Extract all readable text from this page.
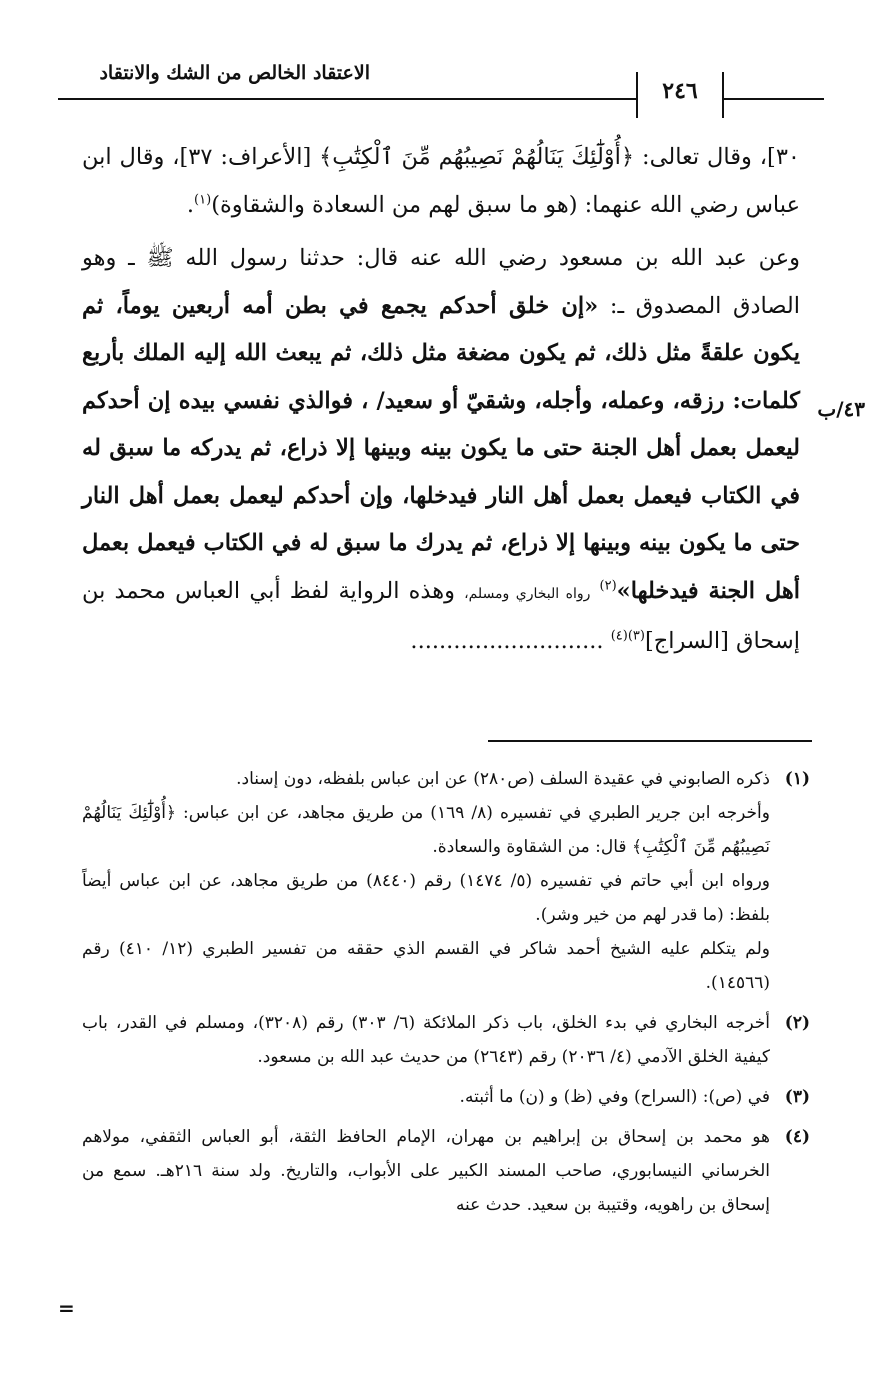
الاعتقاد الخالص من الشك والانتقاد
٢٤٦
٤٣/ب

٣٠]، وقال تعالى: ﴿أُوْلَٰٓئِكَ يَنَالُهُمْ نَصِيبُهُم مِّنَ ٱلْكِتَٰبِ﴾ [الأعراف: ٣٧]، وقال ابن عباس رضي الله عنهما: (هو ما سبق لهم من السعادة والشقاوة)$^{(١)}$.

وعن عبد الله بن مسعود رضي الله عنه قال: حدثنا رسول الله ﷺ ـ وهو الصادق المصدوق ـ: «إن خلق أحدكم يجمع في بطن أمه أربعين يوماً، ثم يكون علقةً مثل ذلك، ثم يكون مضغة مثل ذلك، ثم يبعث الله إليه الملك بأربع كلمات: رزقه، وعمله، وأجله، وشقيّ أو سعيد/ ، فوالذي نفسي بيده إن أحدكم ليعمل بعمل أهل الجنة حتى ما يكون بينه وبينها إلا ذراع، ثم يدركه ما سبق له في الكتاب فيعمل بعمل أهل النار فيدخلها، وإن أحدكم ليعمل بعمل أهل النار حتى ما يكون بينه وبينها إلا ذراع، ثم يدرك ما سبق له في الكتاب فيعمل بعمل أهل الجنة فيدخلها»$^{(٢)}$ رواه البخاري ومسلم، وهذه الرواية لفظ أبي العباس محمد بن إسحاق [السراج]$^{(٣)(٤)}$ ...........................

(١)

ذكره الصابوني في عقيدة السلف (ص٢٨٠) عن ابن عباس بلفظه، دون إسناد.

وأخرجه ابن جرير الطبري في تفسيره (٨/ ١٦٩) من طريق مجاهد، عن ابن عباس: ﴿أُوْلَٰٓئِكَ يَنَالُهُمْ نَصِيبُهُم مِّنَ ٱلْكِتَٰبِ﴾ قال: من الشقاوة والسعادة.

ورواه ابن أبي حاتم في تفسيره (٥/ ١٤٧٤) رقم (٨٤٤٠) من طريق مجاهد، عن ابن عباس أيضاً بلفظ: (ما قدر لهم من خير وشر).

ولم يتكلم عليه الشيخ أحمد شاكر في القسم الذي حققه من تفسير الطبري (١٢/ ٤١٠) رقم (١٤٥٦٦).

(٢)
أخرجه البخاري في بدء الخلق، باب ذكر الملائكة (٦/ ٣٠٣) رقم (٣٢٠٨)، ومسلم في القدر، باب كيفية الخلق الآدمي (٤/ ٢٠٣٦) رقم (٢٦٤٣) من حديث عبد الله بن مسعود.
(٣)
في (ص): (السراح) وفي (ظ) و (ن) ما أثبته.
(٤)
هو محمد بن إسحاق بن إبراهيم بن مهران، الإمام الحافظ الثقة، أبو العباس الثقفي، مولاهم الخرساني النيسابوري، صاحب المسند الكبير على الأبواب، والتاريخ. ولد سنة ٢١٦هـ. سمع من إسحاق بن راهويه، وقتيبة بن سعيد. حدث عنه
=
